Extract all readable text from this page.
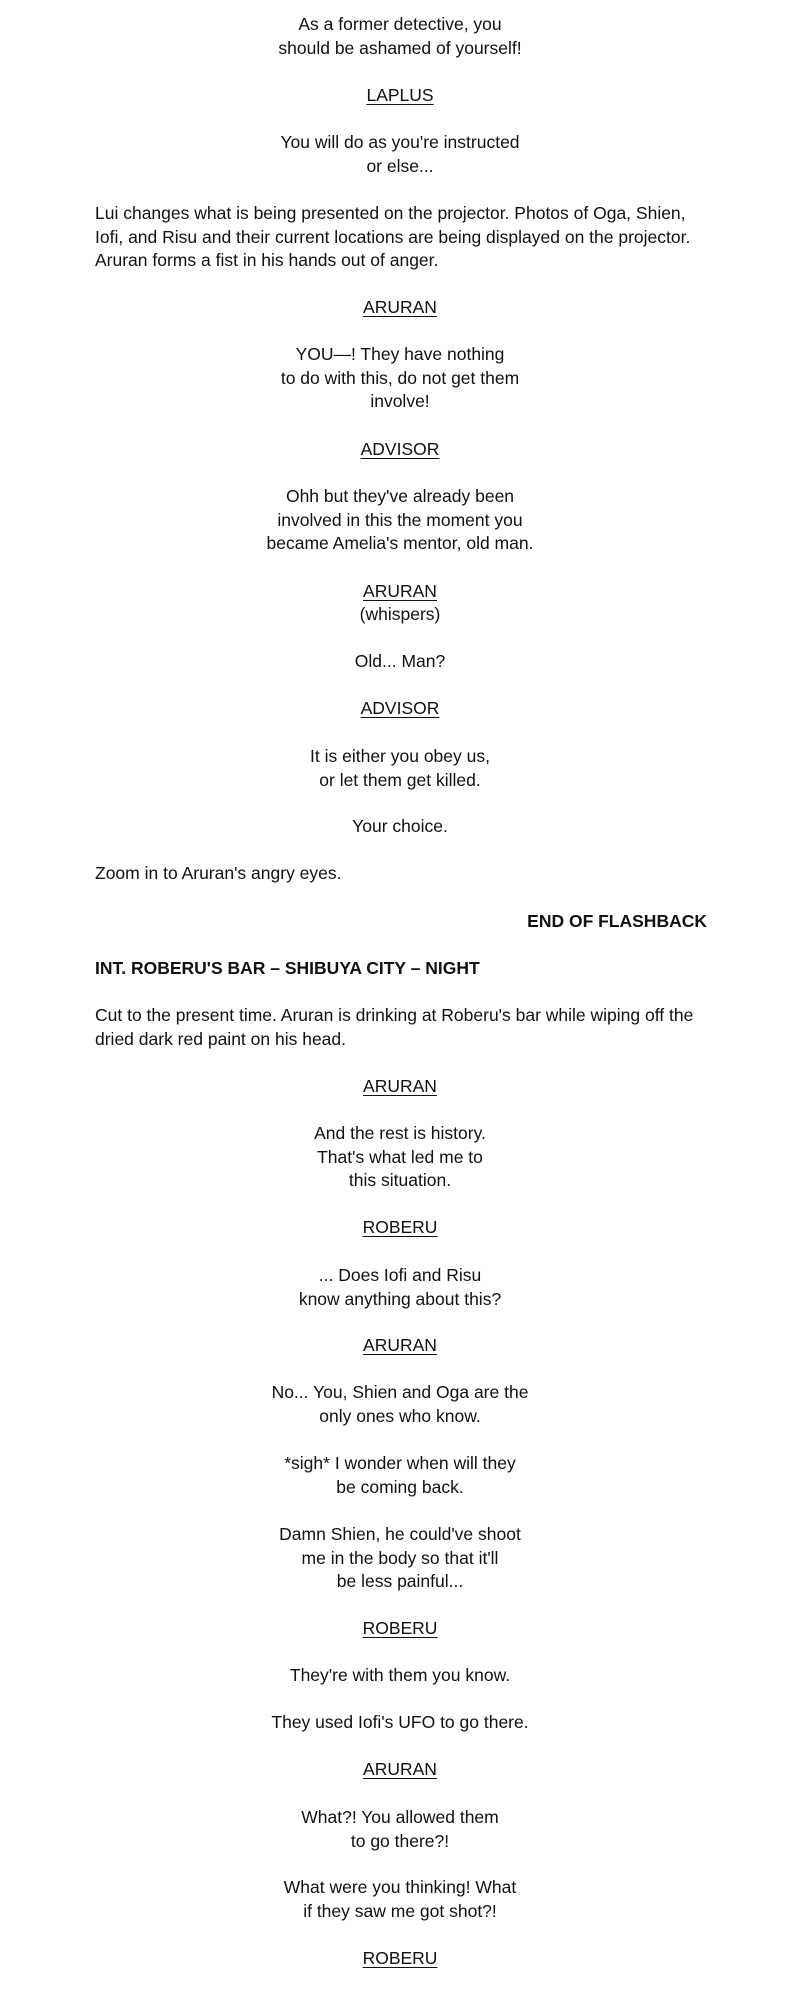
As a former detective, you
should be ashamed of yourself!

LAPLUS

You will do as you're instructed
or else...

Lui changes what is being presented on the projector. Photos of Oga, Shien, Iofi, and Risu and their current locations are being displayed on the projector. Aruran forms a fist in his hands out of anger.

ARURAN

YOU—! They have nothing
to do with this, do not get them
involve!

ADVISOR

Ohh but they've already been
involved in this the moment you
became Amelia's mentor, old man.

ARURAN

(whispers)

Old... Man?

ADVISOR

It is either you obey us,
or let them get killed.

Your choice.

Zoom in to Aruran's angry eyes.

END OF FLASHBACK

INT. ROBERU'S BAR – SHIBUYA CITY – NIGHT

Cut to the present time. Aruran is drinking at Roberu's bar while wiping off the dried dark red paint on his head.

ARURAN

And the rest is history.
That's what led me to
this situation.

ROBERU

... Does Iofi and Risu
know anything about this?

ARURAN

No... You, Shien and Oga are the
only ones who know.

*sigh* I wonder when will they
be coming back.

Damn Shien, he could've shoot
me in the body so that it'll
be less painful...

ROBERU

They're with them you know.

They used Iofi's UFO to go there.

ARURAN

What?! You allowed them
to go there?!

What were you thinking! What
if they saw me got shot?!

ROBERU
